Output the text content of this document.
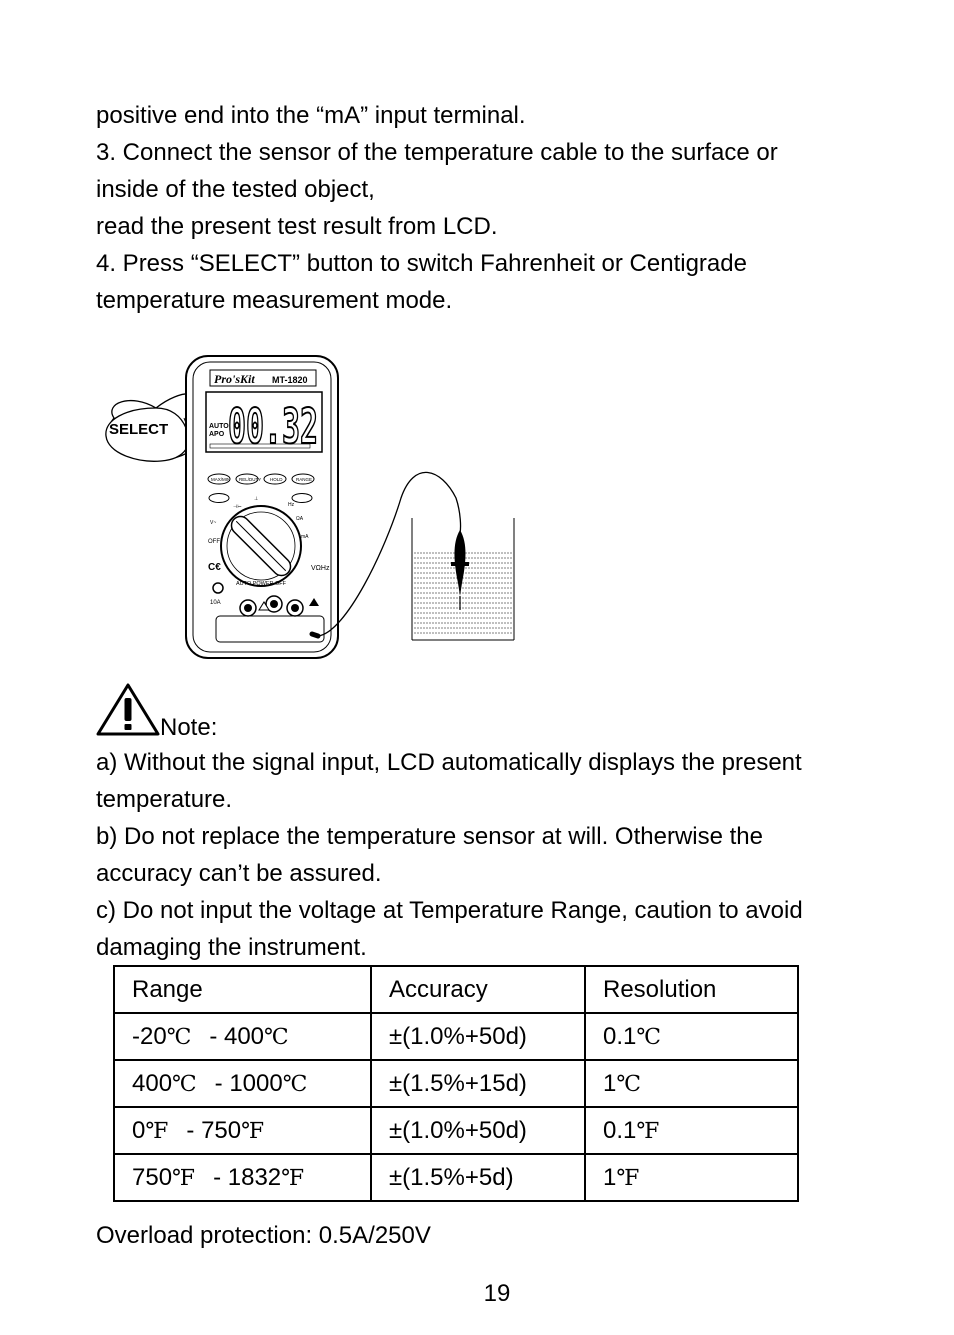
positive end into the “mA” input terminal.
3. Connect the sensor of the temperature cable to the surface or
inside of the tested object,
read the present test result from LCD.
4. Press “SELECT” button to switch Fahrenheit or Centigrade
temperature measurement mode.
SELECT
Pro'sKit MT-1820
AUTO
APO 00.32
MAX/MIN REL/DUTY HOLD	RANGE
OFF
⊣⊢
⊥
Hz
ΩA
mA
V~
C€	VΩHz
AUTO POWER OFF
10A
Note:
a) Without the signal input, LCD automatically displays the present
temperature.
b) Do not replace the temperature sensor at will. Otherwise the
accuracy can’t be assured.
c) Do not input the voltage at Temperature Range, caution to avoid
damaging the instrument.
Range	Accuracy	Resolution
-20℃ - 400℃	±(1.0%+50d)	0.1℃
400℃ - 1000℃	±(1.5%+15d)	1℃
0℉ - 750℉	±(1.0%+50d)	0.1℉
750℉ - 1832℉	±(1.5%+5d)	1℉
Overload protection: 0.5A/250V
19
